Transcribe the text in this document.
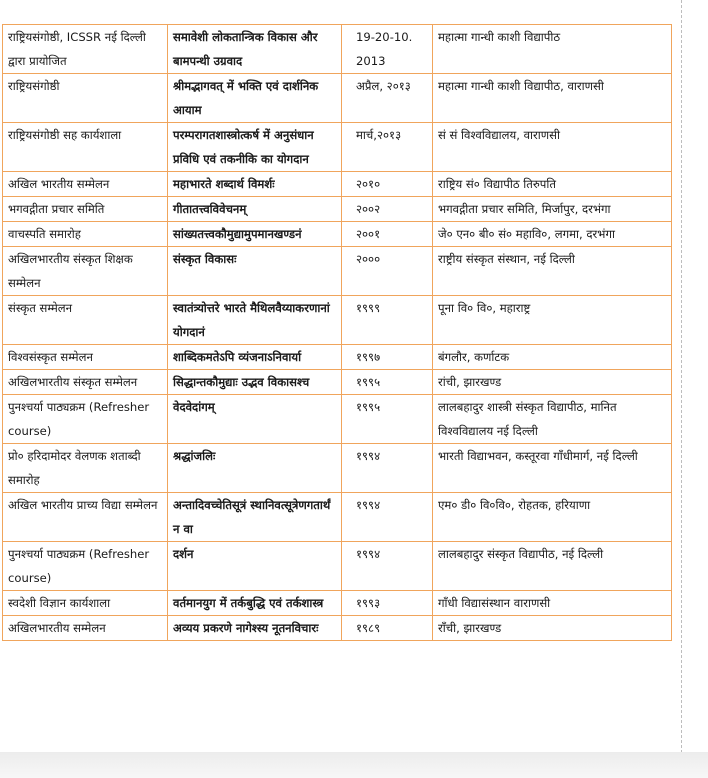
राष्ट्रियसंगोष्ठी, ICSSR नई दिल्ली द्वारा प्रायोजित	समावेशी लोकतान्त्रिक विकास और बामपन्थी उग्रवाद	19-20-10. 2013	महात्मा गान्धी काशी विद्यापीठ
राष्ट्रियसंगोष्ठी	श्रीमद्भागवत् में भक्ति एवं दार्शनिक आयाम	अप्रैल, २०१३	महात्मा गान्धी काशी विद्यापीठ, वाराणसी
राष्ट्रियसंगोष्ठी सह कार्यशाला	परम्परागतशास्त्रोत्कर्ष में अनुसंधान प्रविधि एवं तकनीकि का योगदान	मार्च,२०१३	सं सं विश्वविद्यालय, वाराणसी
अखिल भारतीय सम्मेलन	महाभारते शब्दार्थ विमर्शः	२०१०	राष्ट्रिय सं० विद्यापीठ तिरुपति
भगवद्गीता प्रचार समिति	गीतातत्त्वविवेचनम्	२००२	भगवद्गीता प्रचार समिति, मिर्जापुर, दरभंगा
वाचस्पति समारोह	सांख्यतत्त्वकौमुद्यामुपमानखण्डनं	२००१	जे० एन० बी० सं० महावि०, लगमा, दरभंगा
अखिलभारतीय संस्कृत शिक्षक सम्मेलन	संस्कृत विकासः	२०००	राष्ट्रीय संस्कृत संस्थान, नई दिल्ली
संस्कृत सम्मेलन	स्वातंत्र्योत्तरे भारते मैथिलवैय्याकरणानां योगदानं	१९९९	पूना वि० वि०, महाराष्ट्र
विश्वसंस्कृत सम्मेलन	शाब्दिकमतेऽपि व्यंजनाऽनिवार्या	१९९७	बंगलौर, कर्णाटक
अखिलभारतीय संस्कृत सम्मेलन	सिद्धान्तकौमुद्याः उद्भव विकासश्च	१९९५	रांची, झारखण्ड
पुनश्चर्या पाठ्यक्रम (Refresher course)	वेदवेदांगम्	१९९५	लालबहादुर शास्त्री संस्कृत विद्यापीठ, मानित विश्वविद्यालय नई दिल्ली
प्रो० हरिदामोदर वेलणक शताब्दी समारोह	श्रद्धांजलिः	१९९४	भारती विद्याभवन, कस्तूरवा गाँधीमार्ग, नई दिल्ली
अखिल भारतीय प्राच्य विद्या सम्मेलन	अन्तादिवच्चेतिसूत्रं स्थानिवत्सूत्रेणगतार्थं न वा	१९९४	एम० डी० वि०वि०, रोहतक, हरियाणा
पुनश्चर्या पाठ्यक्रम (Refresher course)	दर्शन	१९९४	लालबहादुर संस्कृत विद्यापीठ, नई दिल्ली
स्वदेशी विज्ञान कार्यशाला	वर्तमानयुग में तर्कबुद्धि एवं तर्कशास्त्र	१९९३	गाँधी विद्यासंस्थान वाराणसी
अखिलभारतीय सम्मेलन	अव्यय प्रकरणे नागेश्स्य नूतनविचारः	१९८९	राँची, झारखण्ड
